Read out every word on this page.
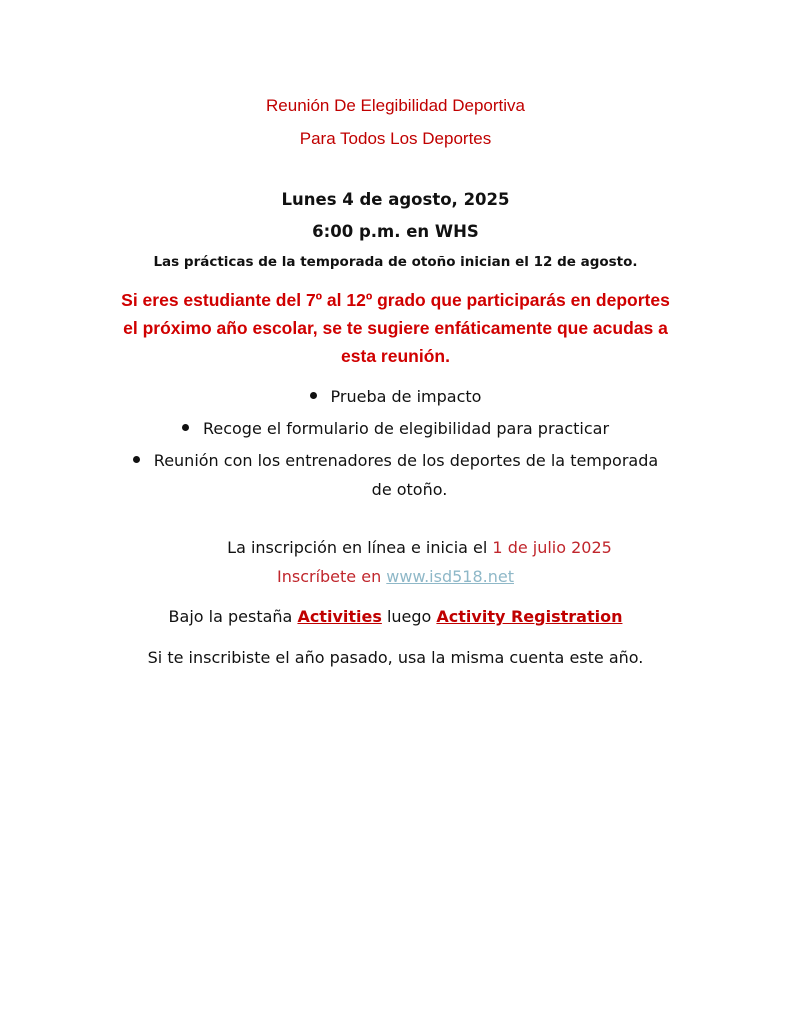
Reunión De Elegibilidad Deportiva
Para Todos Los Deportes
Lunes 4 de agosto, 2025
6:00 p.m. en WHS
Las prácticas de la temporada de otoño inician el 12 de agosto.
Si eres estudiante del 7º al 12º grado que participarás en deportes
el próximo año escolar, se te sugiere enfáticamente que acudas a
esta reunión.
Prueba de impacto
Recoge el formulario de elegibilidad para practicar
Reunión con los entrenadores de los deportes de la temporada
de otoño.
La inscripción en línea e inicia el 1 de julio 2025
Inscríbete en www.isd518.net
Bajo la pestaña Activities luego Activity Registration
Si te inscribiste el año pasado, usa la misma cuenta este año.
